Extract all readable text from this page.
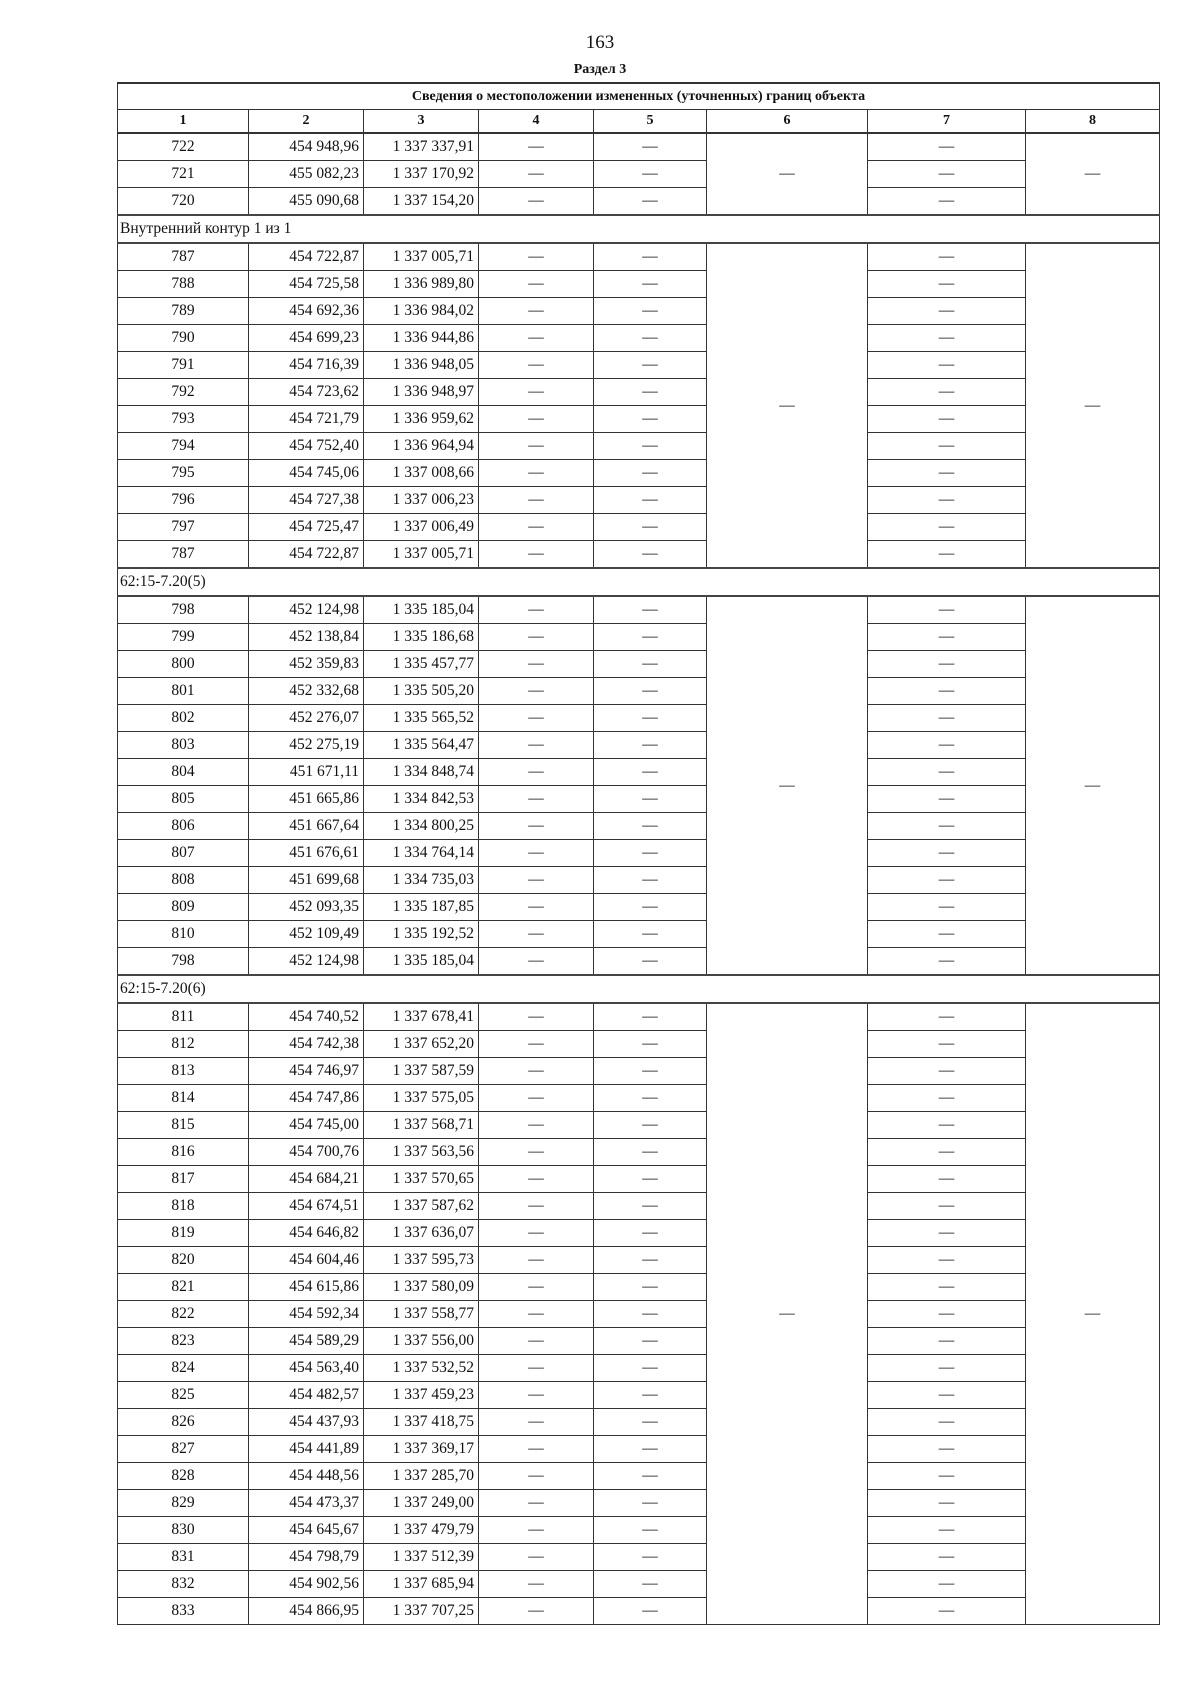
163
Раздел 3
Сведения о местоположении измененных (уточненных) границ объекта							
1	2	3	4	5	6	7	8
722	454 948,96	1 337 337,91	—	—	—	—	—
721	455 082,23	1 337 170,92	—	—		—	
720	455 090,68	1 337 154,20	—	—		—	
Внутренний контур 1 из 1							
787	454 722,87	1 337 005,71	—	—	—	—	—
788	454 725,58	1 336 989,80	—	—		—	
789	454 692,36	1 336 984,02	—	—		—	
790	454 699,23	1 336 944,86	—	—		—	
791	454 716,39	1 336 948,05	—	—		—	
792	454 723,62	1 336 948,97	—	—		—	
793	454 721,79	1 336 959,62	—	—		—	
794	454 752,40	1 336 964,94	—	—		—	
795	454 745,06	1 337 008,66	—	—		—	
796	454 727,38	1 337 006,23	—	—		—	
797	454 725,47	1 337 006,49	—	—		—	
787	454 722,87	1 337 005,71	—	—		—	
62:15-7.20(5)							
798	452 124,98	1 335 185,04	—	—	—	—	—
799	452 138,84	1 335 186,68	—	—		—	
800	452 359,83	1 335 457,77	—	—		—	
801	452 332,68	1 335 505,20	—	—		—	
802	452 276,07	1 335 565,52	—	—		—	
803	452 275,19	1 335 564,47	—	—		—	
804	451 671,11	1 334 848,74	—	—		—	
805	451 665,86	1 334 842,53	—	—		—	
806	451 667,64	1 334 800,25	—	—		—	
807	451 676,61	1 334 764,14	—	—		—	
808	451 699,68	1 334 735,03	—	—		—	
809	452 093,35	1 335 187,85	—	—		—	
810	452 109,49	1 335 192,52	—	—		—	
798	452 124,98	1 335 185,04	—	—		—	
62:15-7.20(6)							
811	454 740,52	1 337 678,41	—	—	—	—	—
812	454 742,38	1 337 652,20	—	—		—	
813	454 746,97	1 337 587,59	—	—		—	
814	454 747,86	1 337 575,05	—	—		—	
815	454 745,00	1 337 568,71	—	—		—	
816	454 700,76	1 337 563,56	—	—		—	
817	454 684,21	1 337 570,65	—	—		—	
818	454 674,51	1 337 587,62	—	—		—	
819	454 646,82	1 337 636,07	—	—		—	
820	454 604,46	1 337 595,73	—	—		—	
821	454 615,86	1 337 580,09	—	—		—	
822	454 592,34	1 337 558,77	—	—		—	
823	454 589,29	1 337 556,00	—	—		—	
824	454 563,40	1 337 532,52	—	—		—	
825	454 482,57	1 337 459,23	—	—		—	
826	454 437,93	1 337 418,75	—	—		—	
827	454 441,89	1 337 369,17	—	—		—	
828	454 448,56	1 337 285,70	—	—		—	
829	454 473,37	1 337 249,00	—	—		—	
830	454 645,67	1 337 479,79	—	—		—	
831	454 798,79	1 337 512,39	—	—		—	
832	454 902,56	1 337 685,94	—	—		—	
833	454 866,95	1 337 707,25	—	—		—	
